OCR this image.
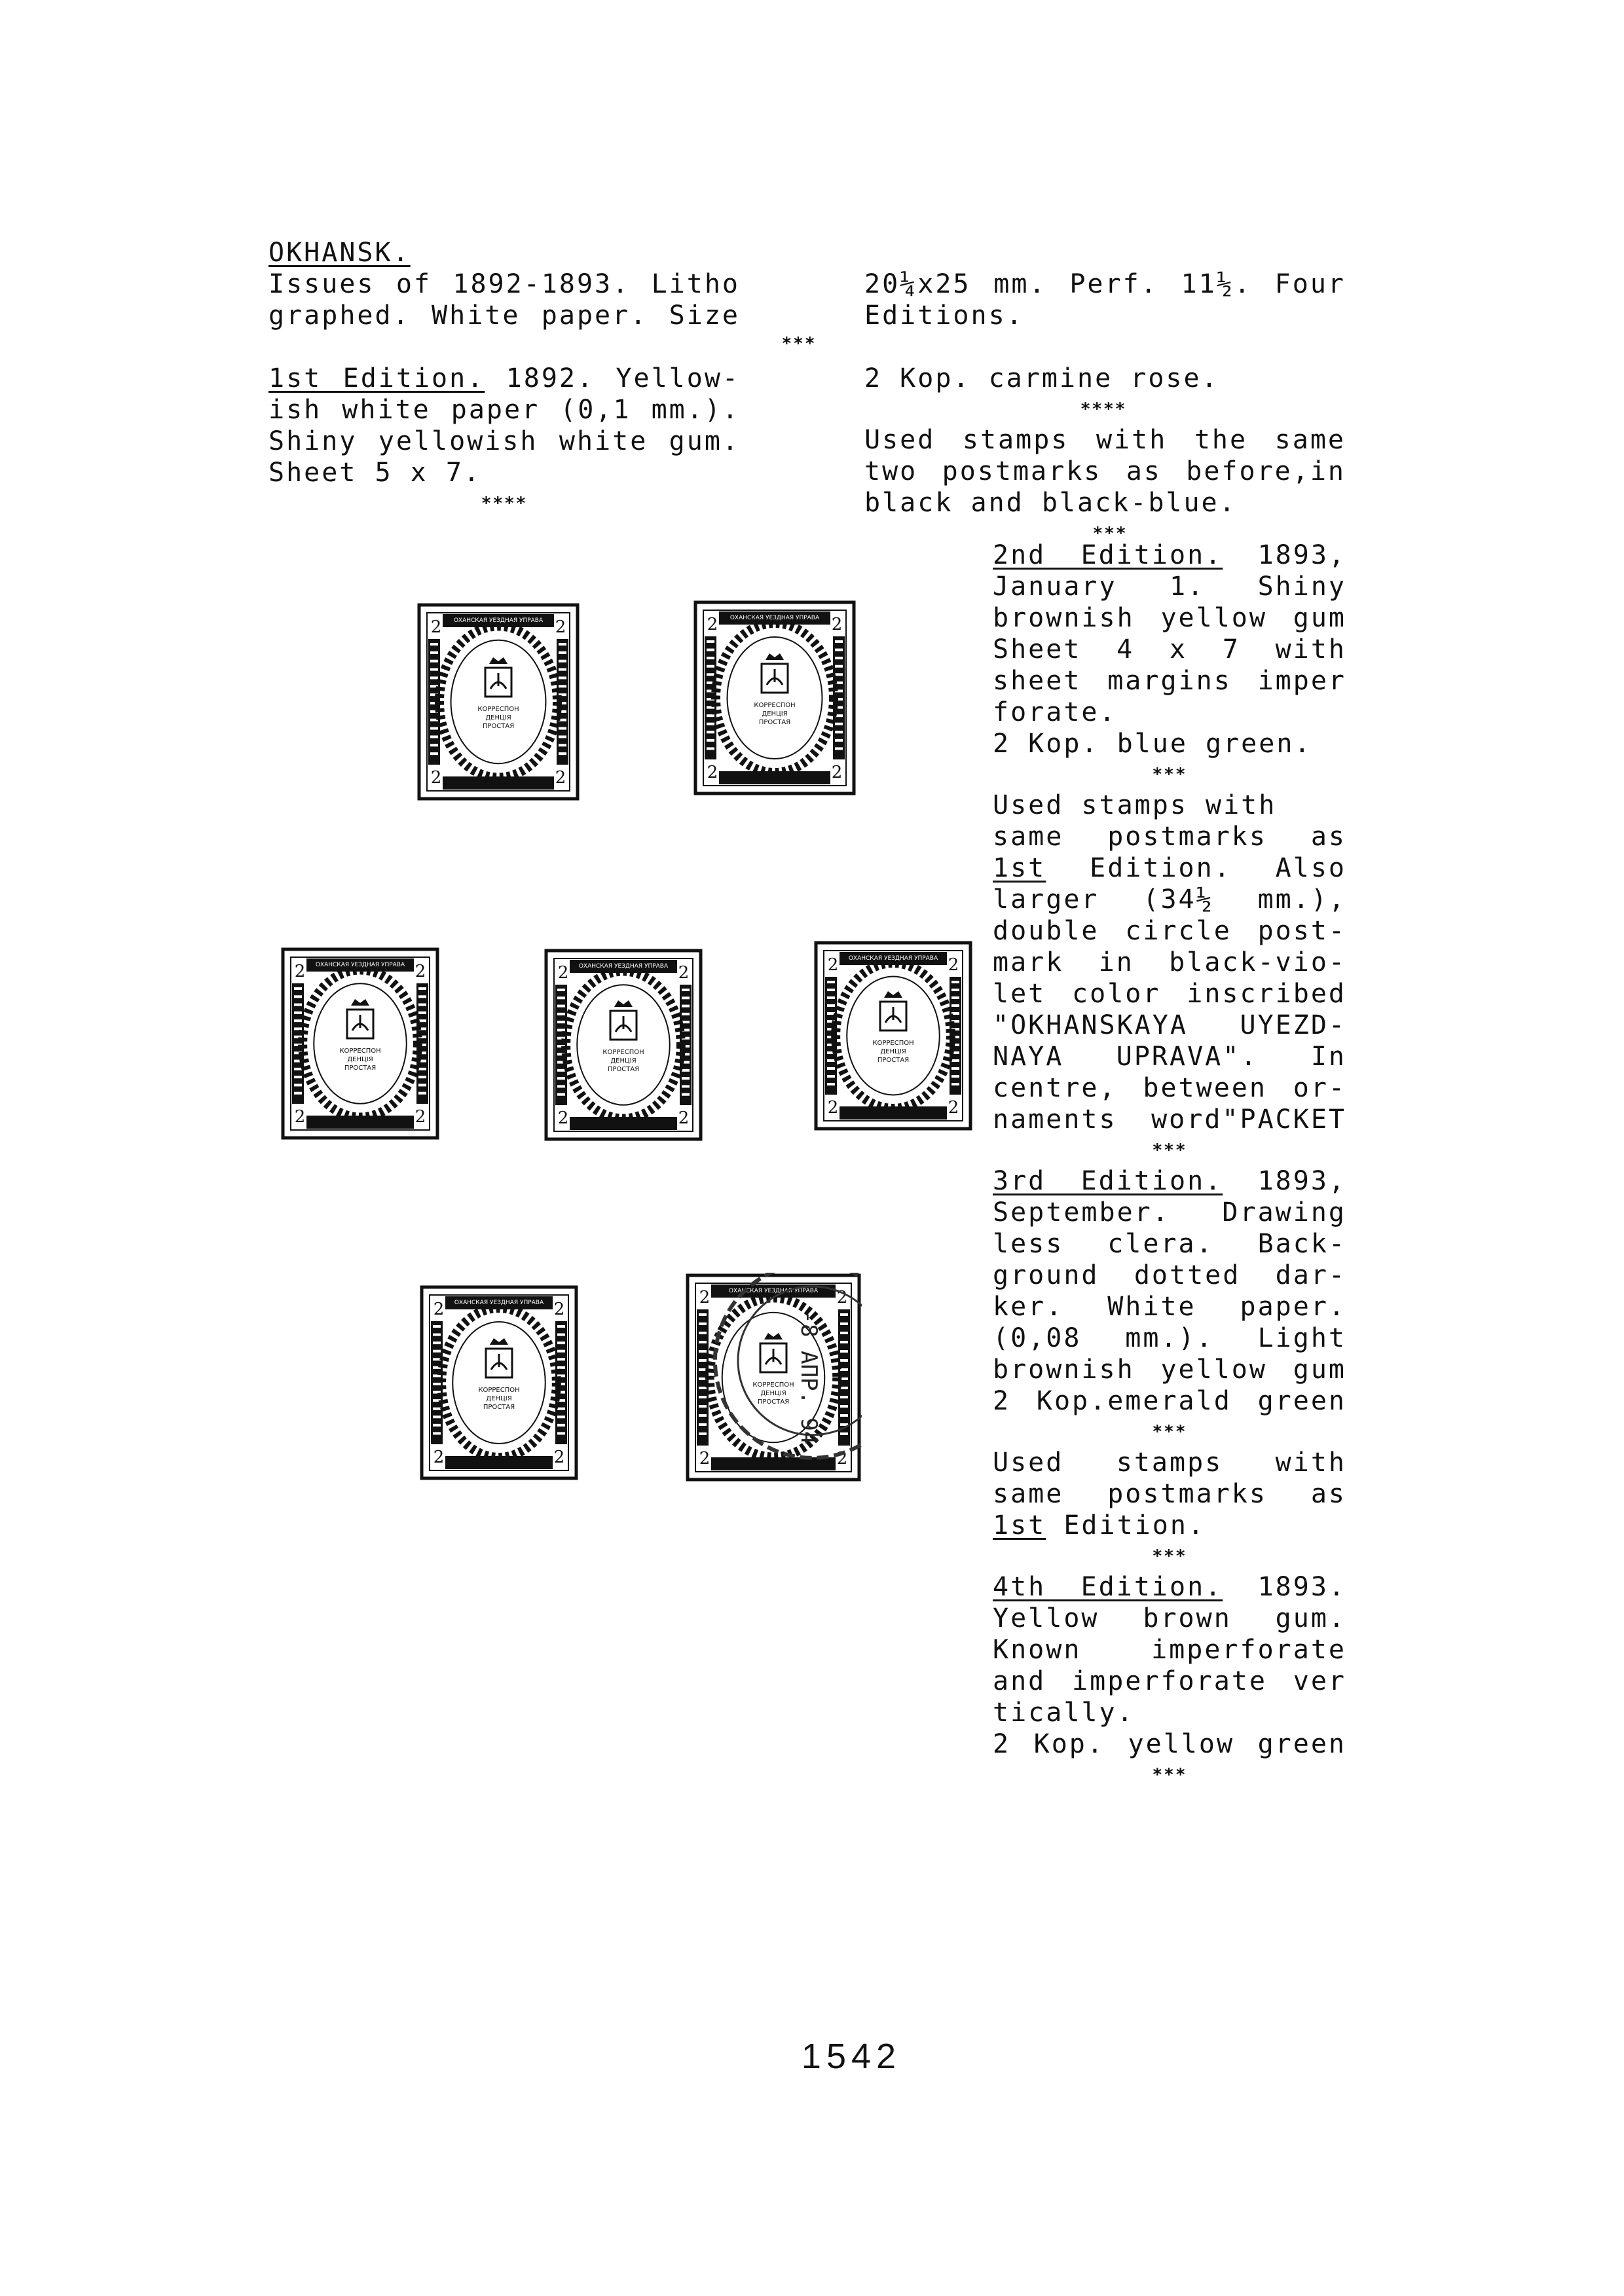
OKHANSK.
Issues of 1892-1893. Litho
graphed. White paper. Size
1st Edition. 1892. Yellow-
ish white paper (0,1 mm.).
Shiny yellowish white gum.
Sheet 5 x 7.
****
***
20¼x25 mm. Perf. 11½. Four
Editions.
2 Kop. carmine rose.
****
Used stamps with the same
two postmarks as before,in
black and black-blue.
***
2nd Edition. 1893,
January 1. Shiny
brownish yellow gum
Sheet 4 x 7 with
sheet margins imper
forate.
2 Kop. blue green.
***
Used stamps with
same postmarks as
1st Edition. Also
larger (34½ mm.),
double circle post-
mark in black-vio-
let color inscribed
"OKHANSKAYA UYEZD-
NAYA UPRAVA". In
centre, between or-
naments word"PACKET
***
3rd Edition. 1893,
September. Drawing
less clera. Back-
ground dotted dar-
ker. White paper.
(0,08 mm.). Light
brownish yellow gum
2 Kop.emerald green
***
Used stamps with
same postmarks as
1st Edition.
***
4th Edition. 1893.
Yellow brown gum.
Known imperforate
and imperforate ver
tically.
2 Kop. yellow green
***
2	2
2	2
КОРРЕСПОН
ДЕНЦІЯ
ПРОСТАЯ
ОХАНСКАЯ УЕЗДНАЯ УПРАВА	2	2
2	2
КОРРЕСПОН
ДЕНЦІЯ
ПРОСТАЯ
ОХАНСКАЯ УЕЗДНАЯ УПРАВА
2	2
2	2
КОРРЕСПОН
ДЕНЦІЯ
ПРОСТАЯ
ОХАНСКАЯ УЕЗДНАЯ УПРАВА	2	2
2	2
КОРРЕСПОН
ДЕНЦІЯ
ПРОСТАЯ
ОХАНСКАЯ УЕЗДНАЯ УПРАВА	2	2
2	2
КОРРЕСПОН
ДЕНЦІЯ
ПРОСТАЯ
ОХАНСКАЯ УЕЗДНАЯ УПРАВА
2	2
2	2
КОРРЕСПОН
ДЕНЦІЯ
ПРОСТАЯ
ОХАНСКАЯ УЕЗДНАЯ УПРАВА	2	2
2	2
КОРРЕСПОН
ДЕНЦІЯ
ПРОСТАЯ
ОХАНСКАЯ УЕЗДНАЯ УПРАВА
-8 АПР. 94
1542
